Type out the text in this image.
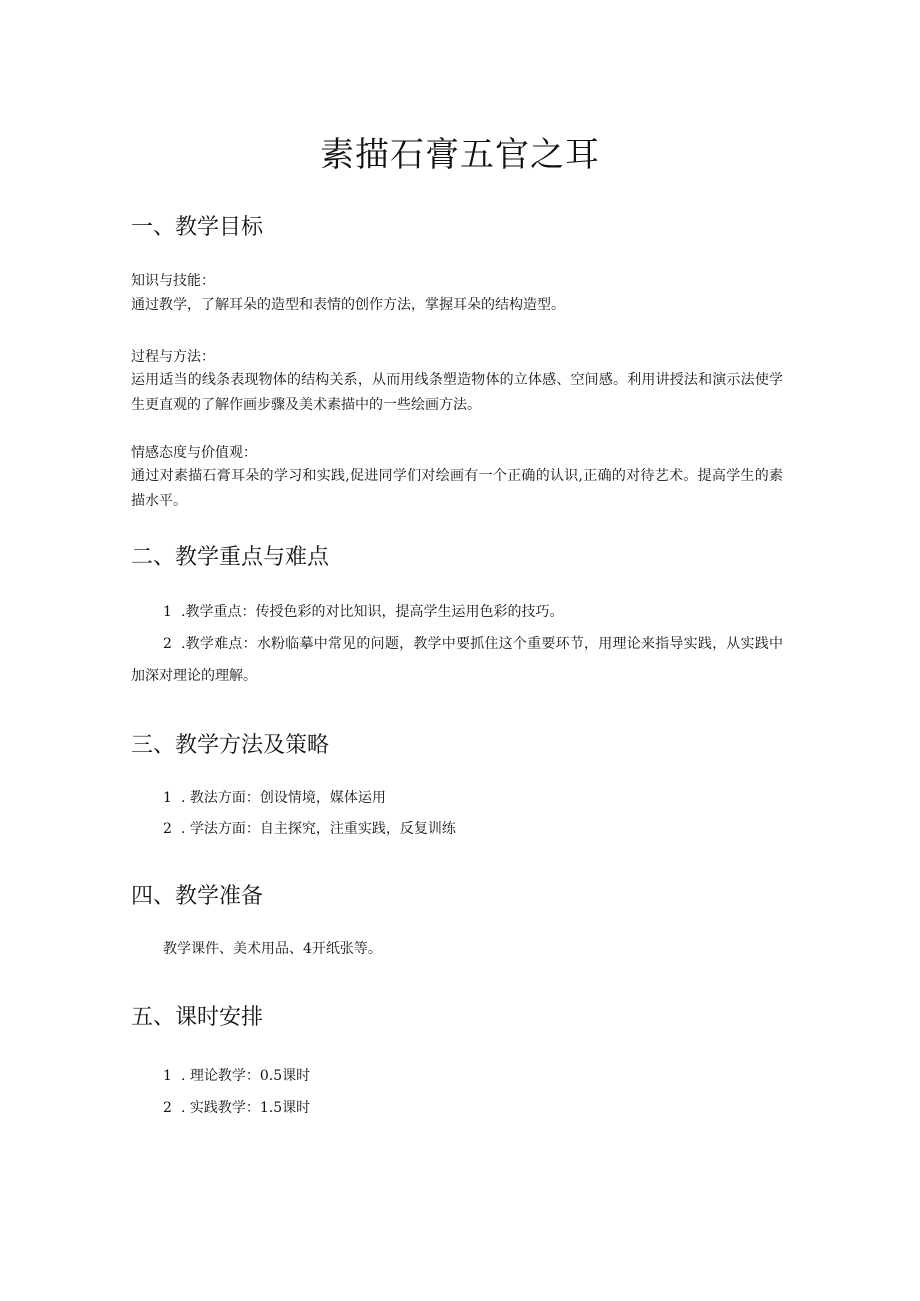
素描石膏五官之耳
一、教学目标
知识与技能：
通过教学，了解耳朵的造型和表情的创作方法，掌握耳朵的结构造型。
过程与方法：
运用适当的线条表现物体的结构关系，从而用线条塑造物体的立体感、空间感。利用讲授法和演示法使学生更直观的了解作画步骤及美术素描中的一些绘画方法。
情感态度与价值观：
通过对素描石膏耳朵的学习和实践,促进同学们对绘画有一个正确的认识,正确的对待艺术。提高学生的素描水平。
二、教学重点与难点
1 .教学重点：传授色彩的对比知识，提高学生运用色彩的技巧。
2 .教学难点：水粉临摹中常见的问题，教学中要抓住这个重要环节，用理论来指导实践，从实践中加深对理论的理解。
三、教学方法及策略
1 . 教法方面：创设情境，媒体运用
2 . 学法方面：自主探究，注重实践，反复训练
四、教学准备
教学课件、美术用品、4开纸张等。
五、课时安排
1 . 理论教学：0.5课时
2 . 实践教学：1.5课时
